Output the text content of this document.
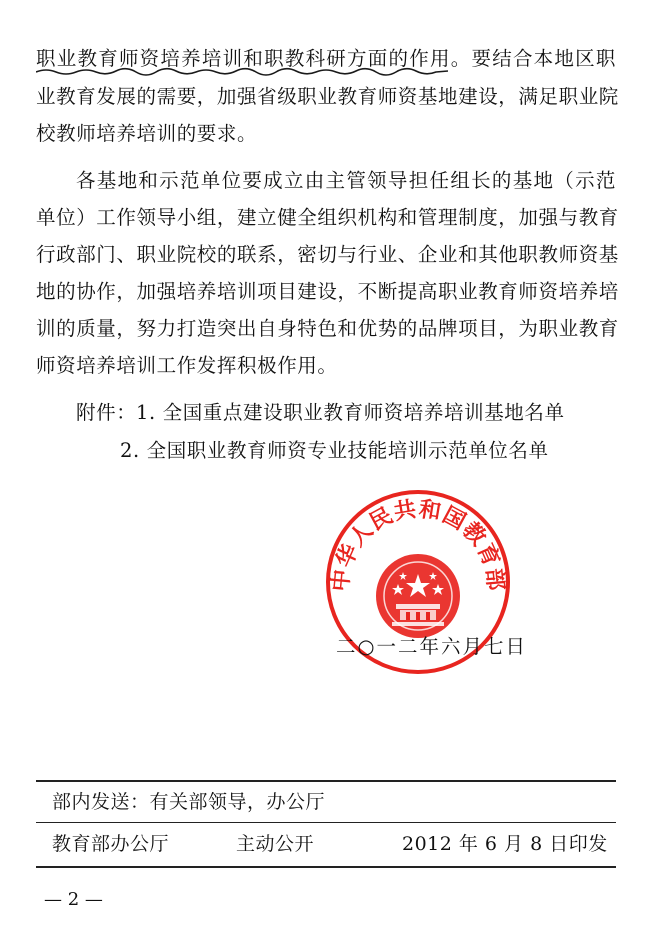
职业教育师资培养培训和职教科研方面的作用。要结合本地区职
业教育发展的需要，加强省级职业教育师资基地建设，满足职业院
校教师培养培训的要求。
各基地和示范单位要成立由主管领导担任组长的基地（示范
单位）工作领导小组，建立健全组织机构和管理制度，加强与教育
行政部门、职业院校的联系，密切与行业、企业和其他职教师资基
地的协作，加强培养培训项目建设，不断提高职业教育师资培养培
训的质量，努力打造突出自身特色和优势的品牌项目，为职业教育
师资培养培训工作发挥积极作用。
附件： 1. 全国重点建设职业教育师资培养培训基地名单
2. 全国职业教育师资专业技能培训示范单位名单
中华人民共和国教育部
二○一二年六月七日
部内发送：有关部领导，办公厅
教育部办公厅	主动公开	2012 年 6 月 8 日印发
— 2 —
